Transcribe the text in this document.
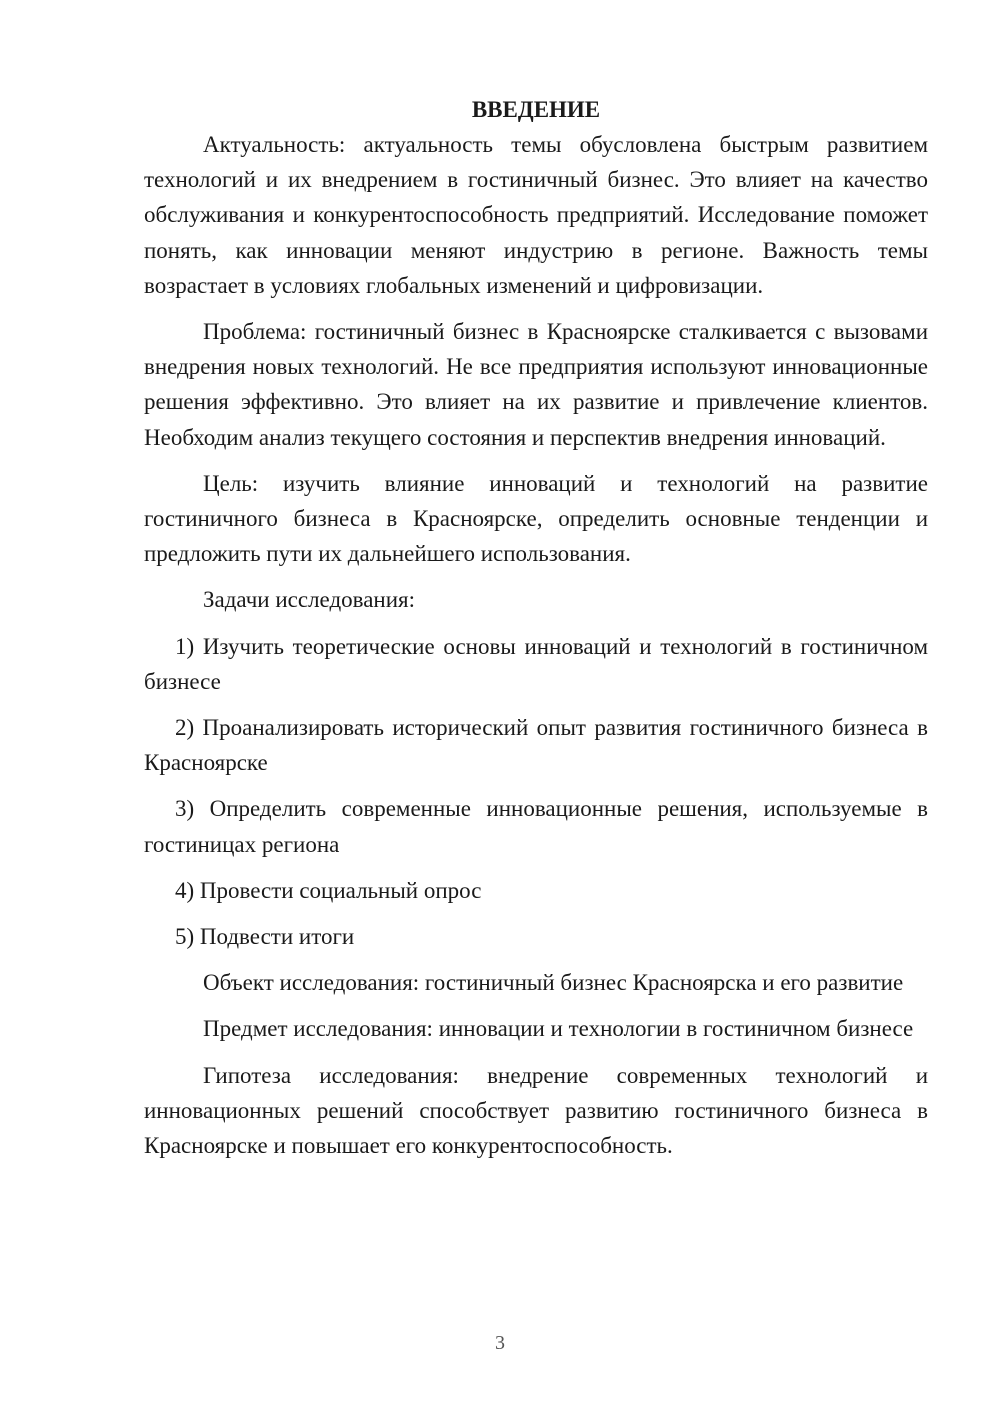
ВВЕДЕНИЕ

Актуальность: актуальность темы обусловлена быстрым развитием технологий и их внедрением в гостиничный бизнес. Это влияет на качество обслуживания и конкурентоспособность предприятий. Исследование поможет понять, как инновации меняют индустрию в регионе. Важность темы возрастает в условиях глобальных изменений и цифровизации.

Проблема: гостиничный бизнес в Красноярске сталкивается с вызовами внедрения новых технологий. Не все предприятия используют инновационные решения эффективно. Это влияет на их развитие и привлечение клиентов. Необходим анализ текущего состояния и перспектив внедрения инноваций.

Цель: изучить влияние инноваций и технологий на развитие гостиничного бизнеса в Красноярске, определить основные тенденции и предложить пути их дальнейшего использования.

Задачи исследования:

1) Изучить теоретические основы инноваций и технологий в гостиничном бизнесе

2) Проанализировать исторический опыт развития гостиничного бизнеса в Красноярске

3) Определить современные инновационные решения, используемые в гостиницах региона

4) Провести социальный опрос

5) Подвести итоги

Объект исследования: гостиничный бизнес Красноярска и его развитие

Предмет исследования: инновации и технологии в гостиничном бизнесе

Гипотеза исследования: внедрение современных технологий и инновационных решений способствует развитию гостиничного бизнеса в Красноярске и повышает его конкурентоспособность.

3
